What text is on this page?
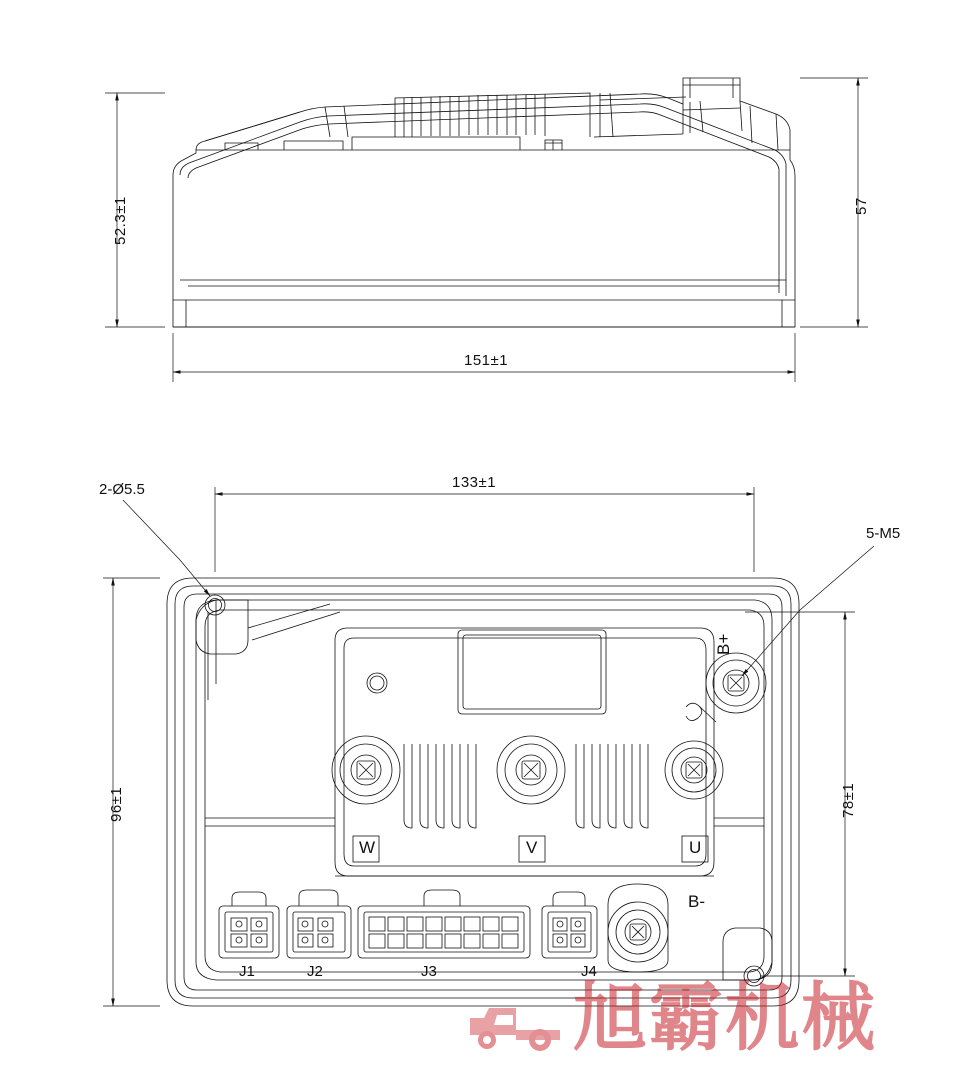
52.3±1	57
151±1
133±1
96±1	78±1
2-Ø5.5
5-M5
B+
W	V	U
B-
J1	J2	J3	J4
旭霸机械
